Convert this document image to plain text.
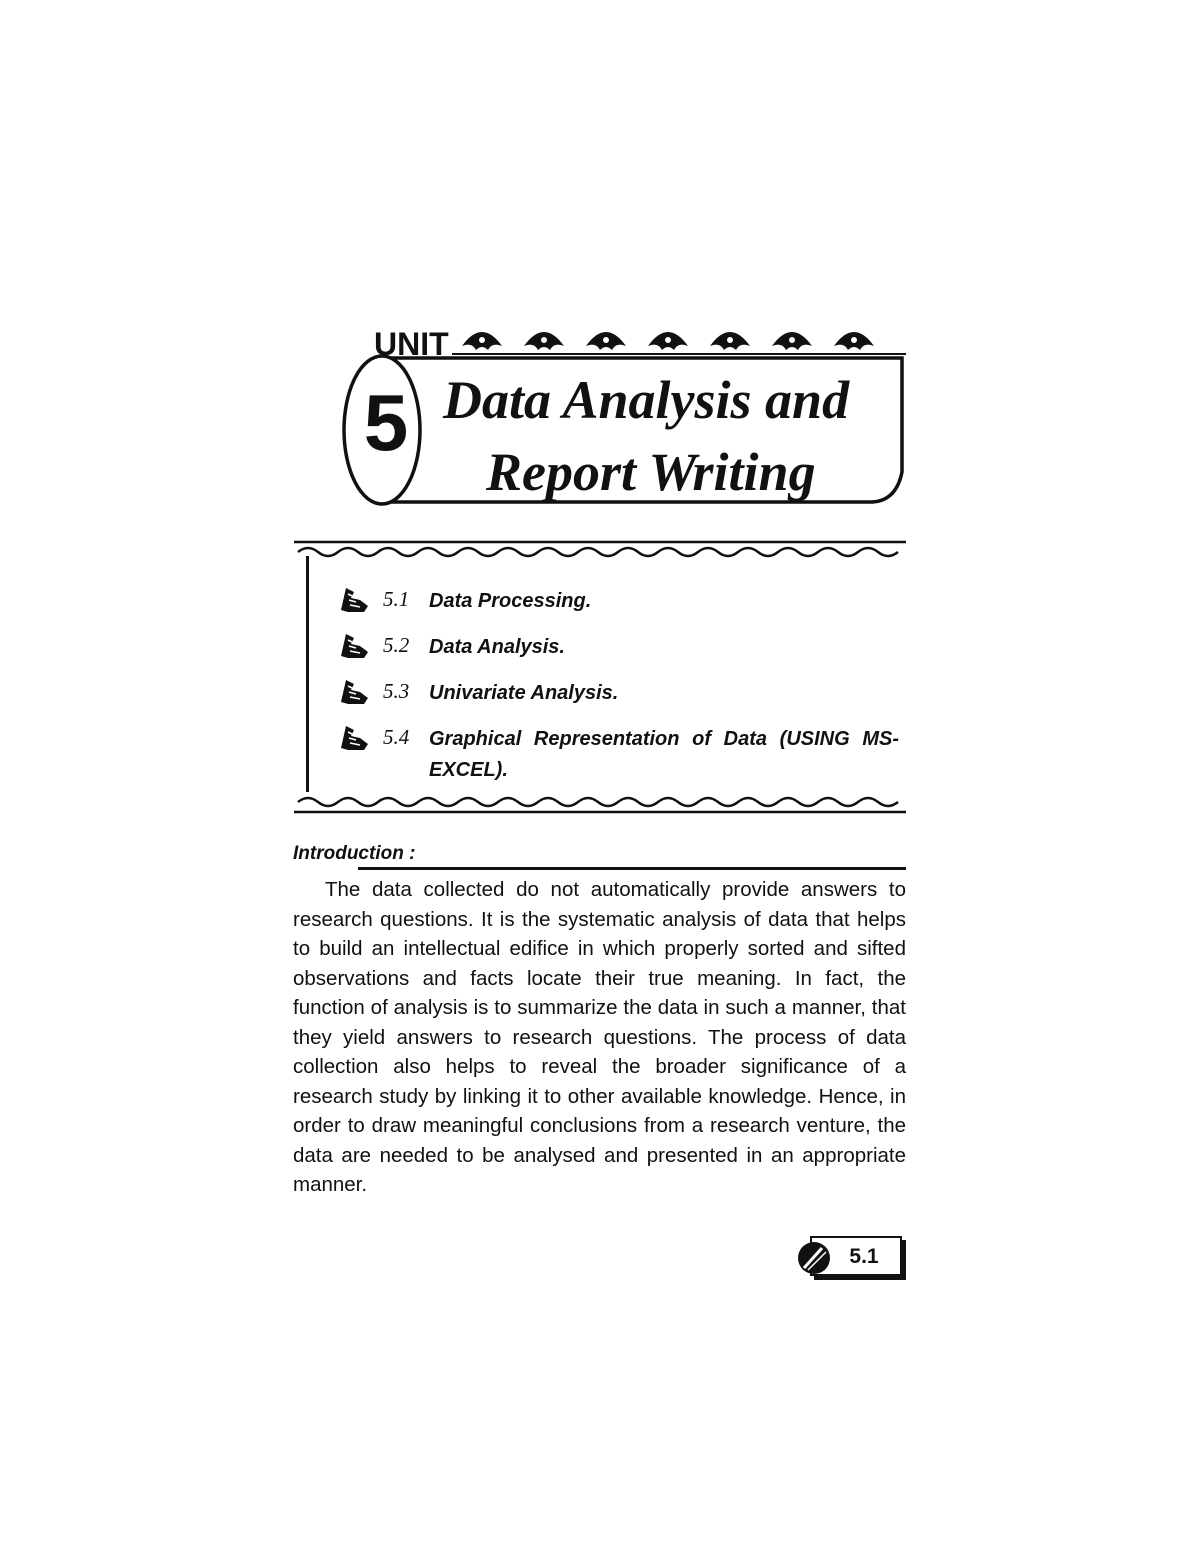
UNIT
5 Data Analysis and
Report Writing
5.1 Data Processing.
5.2 Data Analysis.
5.3 Univariate Analysis.
5.4 Graphical Representation of Data (USING MS-EXCEL).
Introduction :

The data collected do not automatically provide answers to research questions. It is the systematic analysis of data that helps to build an intellectual edifice in which properly sorted and sifted observations and facts locate their true meaning. In fact, the function of analysis is to summarize the data in such a manner, that they yield answers to research questions. The process of data collection also helps to reveal the broader significance of a research study by linking it to other available knowledge. Hence, in order to draw meaningful conclusions from a research venture, the data are needed to be analysed and presented in an appropriate manner.

5.1
